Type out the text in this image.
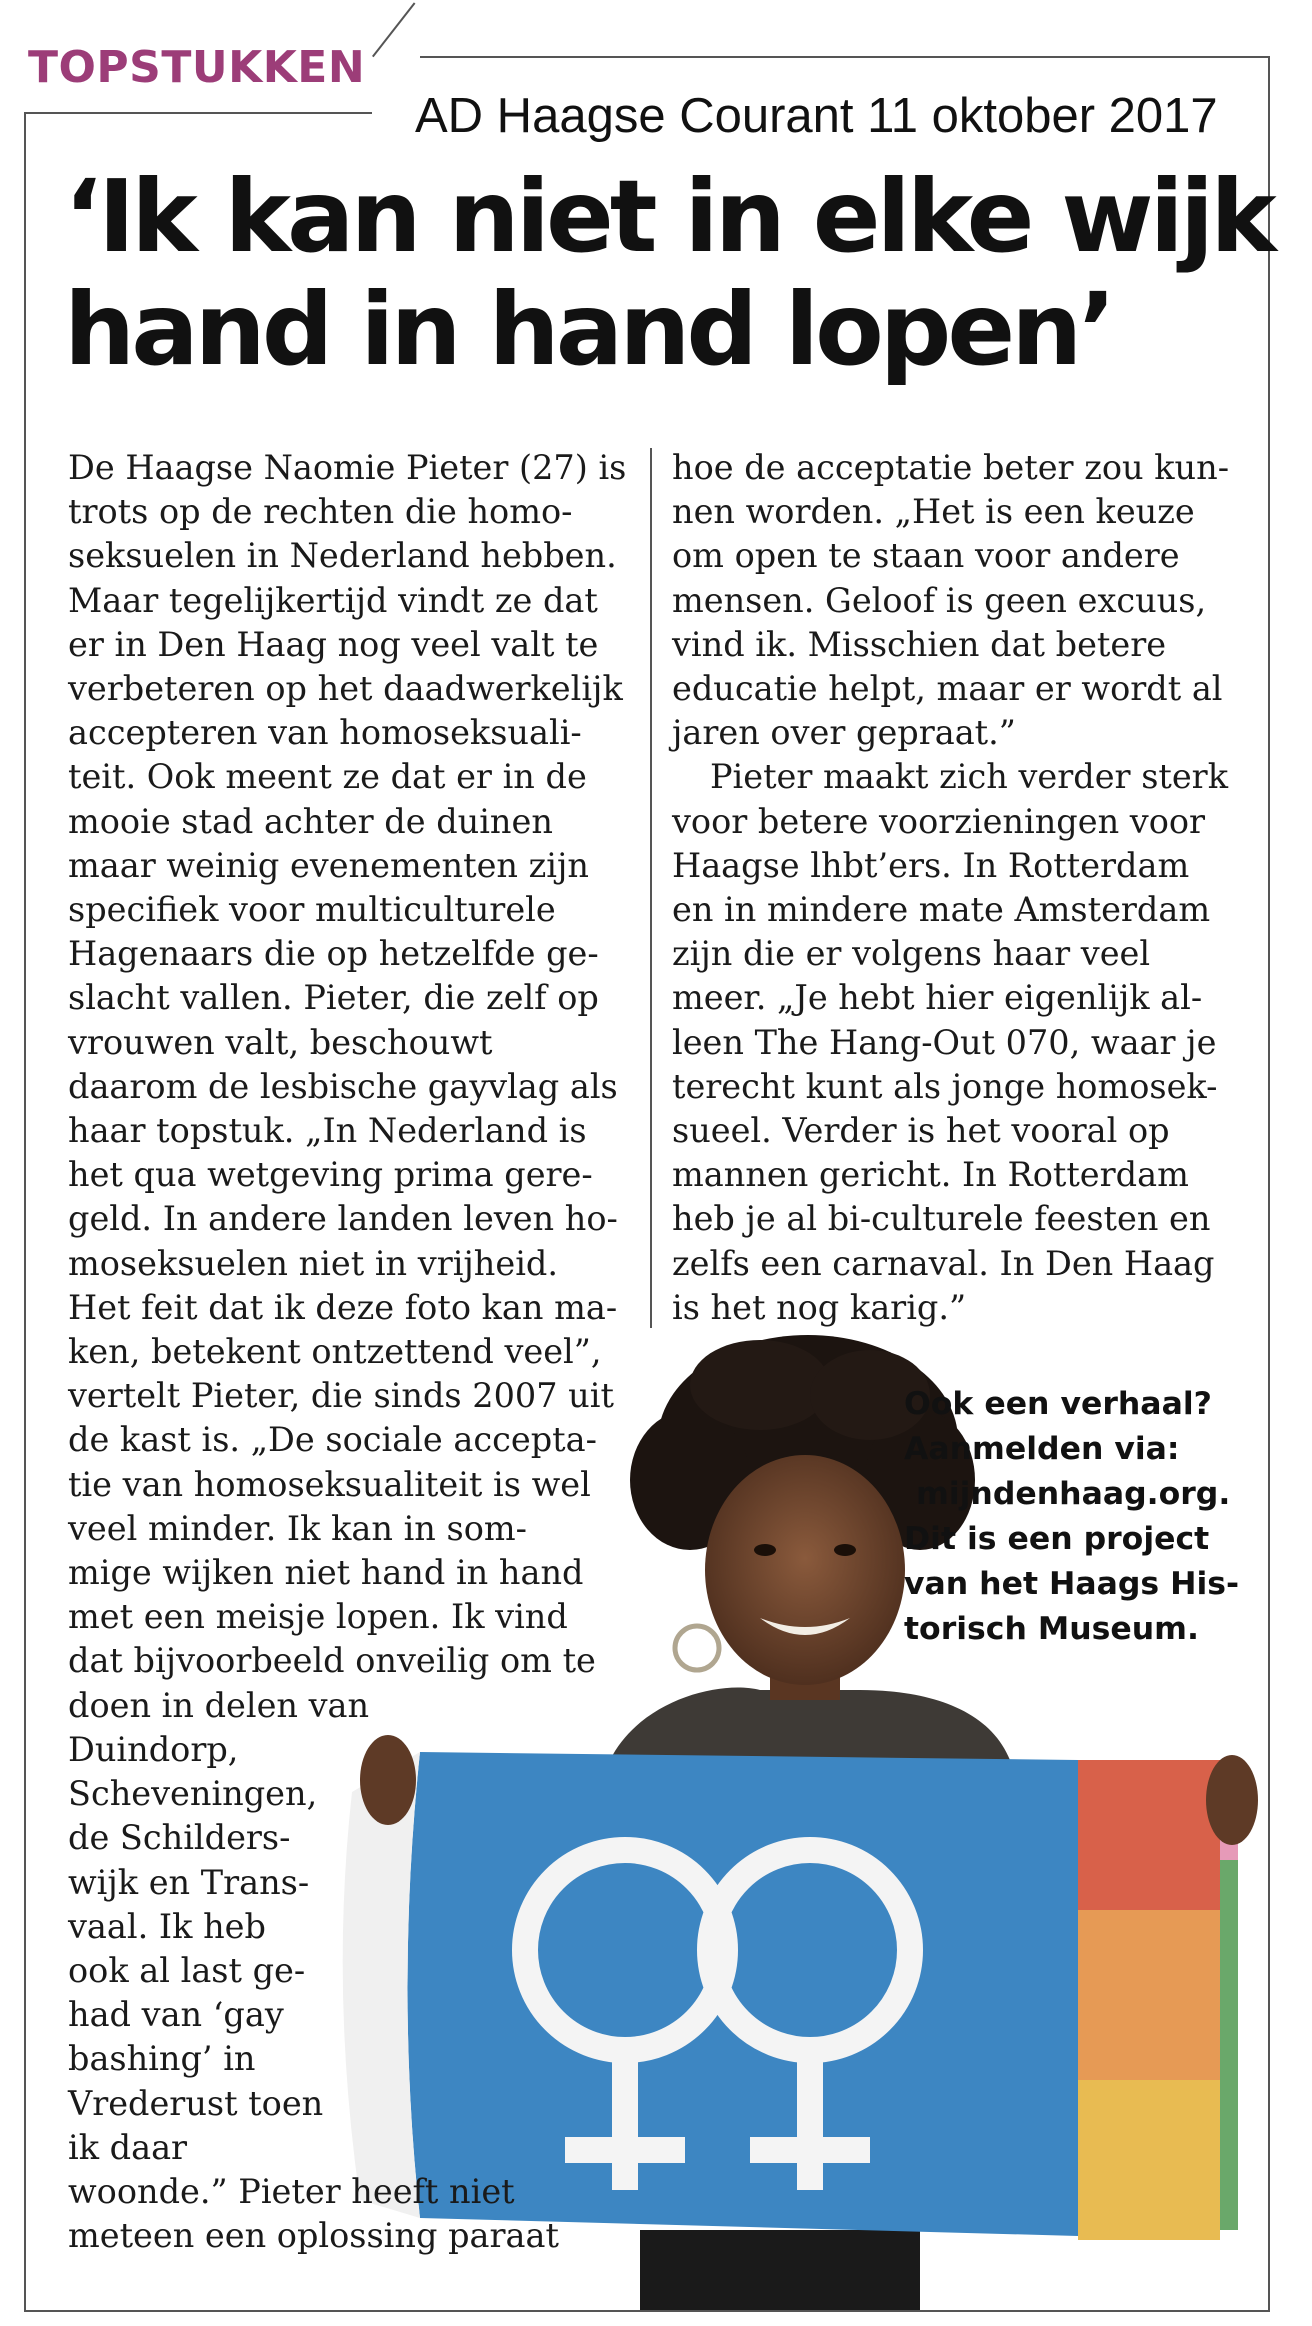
TOPSTUKKEN
AD Haagse Courant 11 oktober 2017
‘Ik kan niet in elke wijk
hand in hand lopen’
De Haagse Naomie Pieter (27) is
trots op de rechten die homo-
seksuelen in Nederland hebben.
Maar tegelijkertijd vindt ze dat
er in Den Haag nog veel valt te
verbeteren op het daadwerkelijk
accepteren van homoseksuali-
teit. Ook meent ze dat er in de
mooie stad achter de duinen
maar weinig evenementen zijn
specifiek voor multiculturele
Hagenaars die op hetzelfde ge-
slacht vallen. Pieter, die zelf op
vrouwen valt, beschouwt
daarom de lesbische gayvlag als
haar topstuk. „In Nederland is
het qua wetgeving prima gere-
geld. In andere landen leven ho-
moseksuelen niet in vrijheid.
Het feit dat ik deze foto kan ma-
ken, betekent ontzettend veel”,
vertelt Pieter, die sinds 2007 uit
de kast is. „De sociale accepta-
tie van homoseksualiteit is wel
veel minder. Ik kan in som-
mige wijken niet hand in hand
met een meisje lopen. Ik vind
dat bijvoorbeeld onveilig om te
doen in delen van
Duindorp,
Scheveningen,
de Schilders-
wijk en Trans-
vaal. Ik heb
ook al last ge-
had van ‘gay
bashing’ in
Vrederust toen
ik daar
woonde.” Pieter heeft niet
meteen een oplossing paraat
hoe de acceptatie beter zou kun-
nen worden. „Het is een keuze
om open te staan voor andere
mensen. Geloof is geen excuus,
vind ik. Misschien dat betere
educatie helpt, maar er wordt al
jaren over gepraat.”
Pieter maakt zich verder sterk
voor betere voorzieningen voor
Haagse lhbt’ers. In Rotterdam
en in mindere mate Amsterdam
zijn die er volgens haar veel
meer. „Je hebt hier eigenlijk al-
leen The Hang-Out 070, waar je
terecht kunt als jonge homosek-
sueel. Verder is het vooral op
mannen gericht. In Rotterdam
heb je al bi-culturele feesten en
zelfs een carnaval. In Den Haag
is het nog karig.”
Ook een verhaal?
Aanmelden via:
mijndenhaag.org.
Dit is een project
van het Haags His-
torisch Museum.
